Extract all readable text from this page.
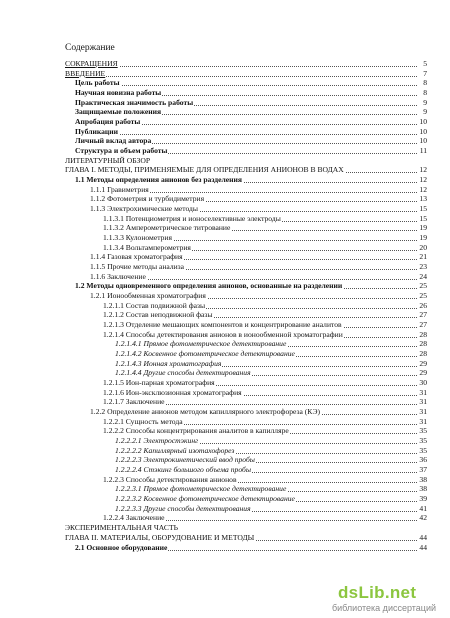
Содержание
СОКРАЩЕНИЯ	5
ВВЕДЕНИЕ	7
Цель работы	8
Научная новизна работы	8
Практическая значимость работы	9
Защищаемые положения	9
Апробация работы	10
Публикации	10
Личный вклад автора	10
Структура и объем работы	11
ЛИТЕРАТУРНЫЙ ОБЗОР
ГЛАВА I. МЕТОДЫ, ПРИМЕНЯЕМЫЕ ДЛЯ ОПРЕДЕЛЕНИЯ АНИОНОВ В ВОДАХ	12
1.1 Методы определения анионов без разделения	12
1.1.1 Гравиметрия	12
1.1.2 Фотометрия и турбидиметрия	13
1.1.3 Электрохимические методы	15
1.1.3.1 Потенциометрия и ионоселективные электроды	15
1.1.3.2 Амперометрическое титрование	19
1.1.3.3 Кулонометрия	19
1.1.3.4 Вольтамперометрия	20
1.1.4 Газовая хроматография	21
1.1.5 Прочие методы анализа	23
1.1.6 Заключение	24
1.2 Методы одновременного определения анионов, основанные на разделении	25
1.2.1 Ионообменная хроматография	25
1.2.1.1 Состав подвижной фазы	26
1.2.1.2 Состав неподвижной фазы	27
1.2.1.3 Отделение мешающих компонентов и концентрирование аналитов	27
1.2.1.4 Способы детектирования анионов в ионообменной хроматографии	28
1.2.1.4.1 Прямое фотометрическое детектирование	28
1.2.1.4.2 Косвенное фотометрическое детектирование	28
1.2.1.4.3 Ионная хроматография	29
1.2.1.4.4 Другие способы детектирования	29
1.2.1.5 Ион-парная хроматография	30
1.2.1.6 Ион-эксклюзионная хроматография	31
1.2.1.7 Заключение	31
1.2.2 Определение анионов методом капиллярного электрофореза (КЭ)	31
1.2.2.1 Сущность метода	31
1.2.2.2 Способы концентрирования аналитов в капилляре	35
1.2.2.2.1 Электростэкинг	35
1.2.2.2.2 Капиллярный изотахофорез	35
1.2.2.2.3 Электрокинетический ввод пробы	36
1.2.2.2.4 Стэкинг большого объема пробы	37
1.2.2.3 Способы детектирования анионов	38
1.2.2.3.1 Прямое фотометрическое детектирование	38
1.2.2.3.2 Косвенное фотометрическое детектирование	39
1.2.2.3.3 Другие способы детектирования	41
1.2.2.4 Заключение	42
ЭКСПЕРИМЕНТАЛЬНАЯ ЧАСТЬ
ГЛАВА II. МАТЕРИАЛЫ, ОБОРУДОВАНИЕ И МЕТОДЫ	44
2.1 Основное оборудование	44
dsLib.net
библиотека диссертаций
